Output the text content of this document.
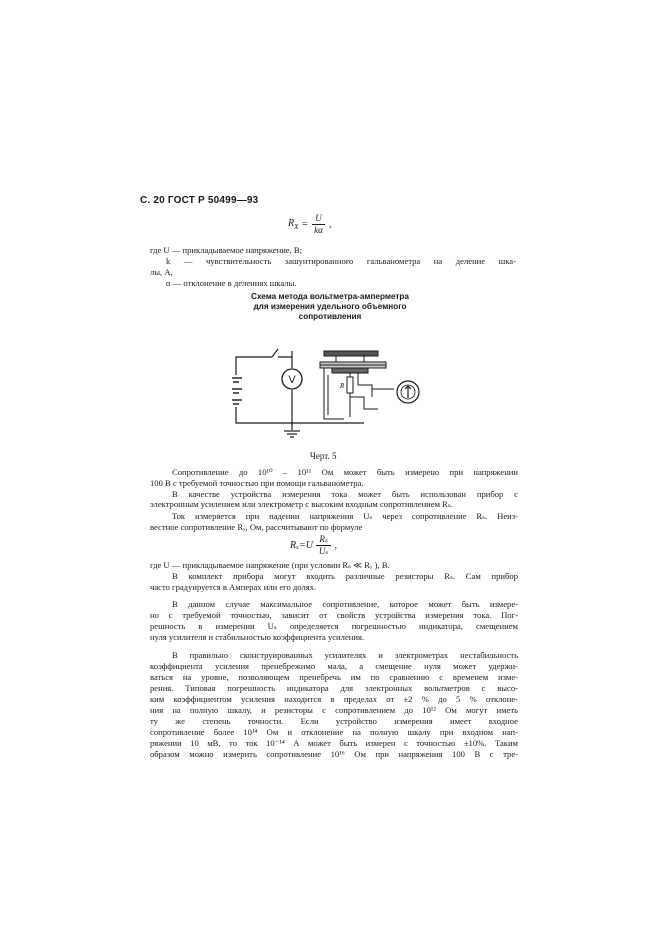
С. 20 ГОСТ Р 50499—93
$R_X = \frac{U}{k\alpha}$ ,
где U — прикладываемое напряжение, В;
k — чувствительность зашунтированного гальванометра на деление шка-
лы, А,
α — отклонение в делениях шкалы.
Схема метода вольтметра-амперметра
для измерения удельного объемного
сопротивления
V	R
Черт. 5
Сопротивление до 10¹⁰ – 10¹¹ Ом может быть измерено при напряжении
100 В с требуемой точностью при помощи гальванометра.
В качестве устройства измерения тока может быть использован прибор с
электронным усилением или электрометр с высоким входным сопротивлением Rₛ.
Ток измеряется при падении напряжения Uₛ через сопротивление Rₛ. Неиз-
вестное сопротивление Rₓ, Ом, рассчитывают по формуле
$R_x=U \frac{\text{Rₛ}}{\text{Uₛ}}$ ,
где U — прикладываемое напряжение (при условии Rₛ ≪ Rₓ ), В.
В комплект прибора могут входить различные резисторы Rₛ. Сам прибор
часто градуируется в Амперах или его долях.
В данном случае максимальное сопротивление, которое может быть измере-
но с требуемой точностью, зависит от свойств устройства измерения тока. Пог-
решность в измерении Uₛ определяется погрешностью индикатора, смещением
нуля усилителя и стабильностью коэффициента усиления.
В правильно сконструированных усилителях и электрометрах нестабильность
коэффициента усиления пренебрежимо мала, а смещение нуля может удержи-
ваться на уровне, позволяющем пренебречь им по сравнению с временем изме-
рения. Типовая погрешность индикатора для электронных вольтметров с высо-
ким коэффициентом усиления находится в пределах от ±2 % до 5 % отклоне-
ния на полную шкалу, и резисторы с сопротивлением до 10¹² Ом могут иметь
ту же степень точности. Если устройство измерения имеет входное
сопротивление более 10¹⁴ Ом и отклонение на полную шкалу при входном нап-
ряжении 10 мВ, то ток 10⁻¹⁴ А может быть измерен с точностью ±10%. Таким
образом можно измерить сопротивление 10¹⁶ Ом при напряжения 100 В с тре-
